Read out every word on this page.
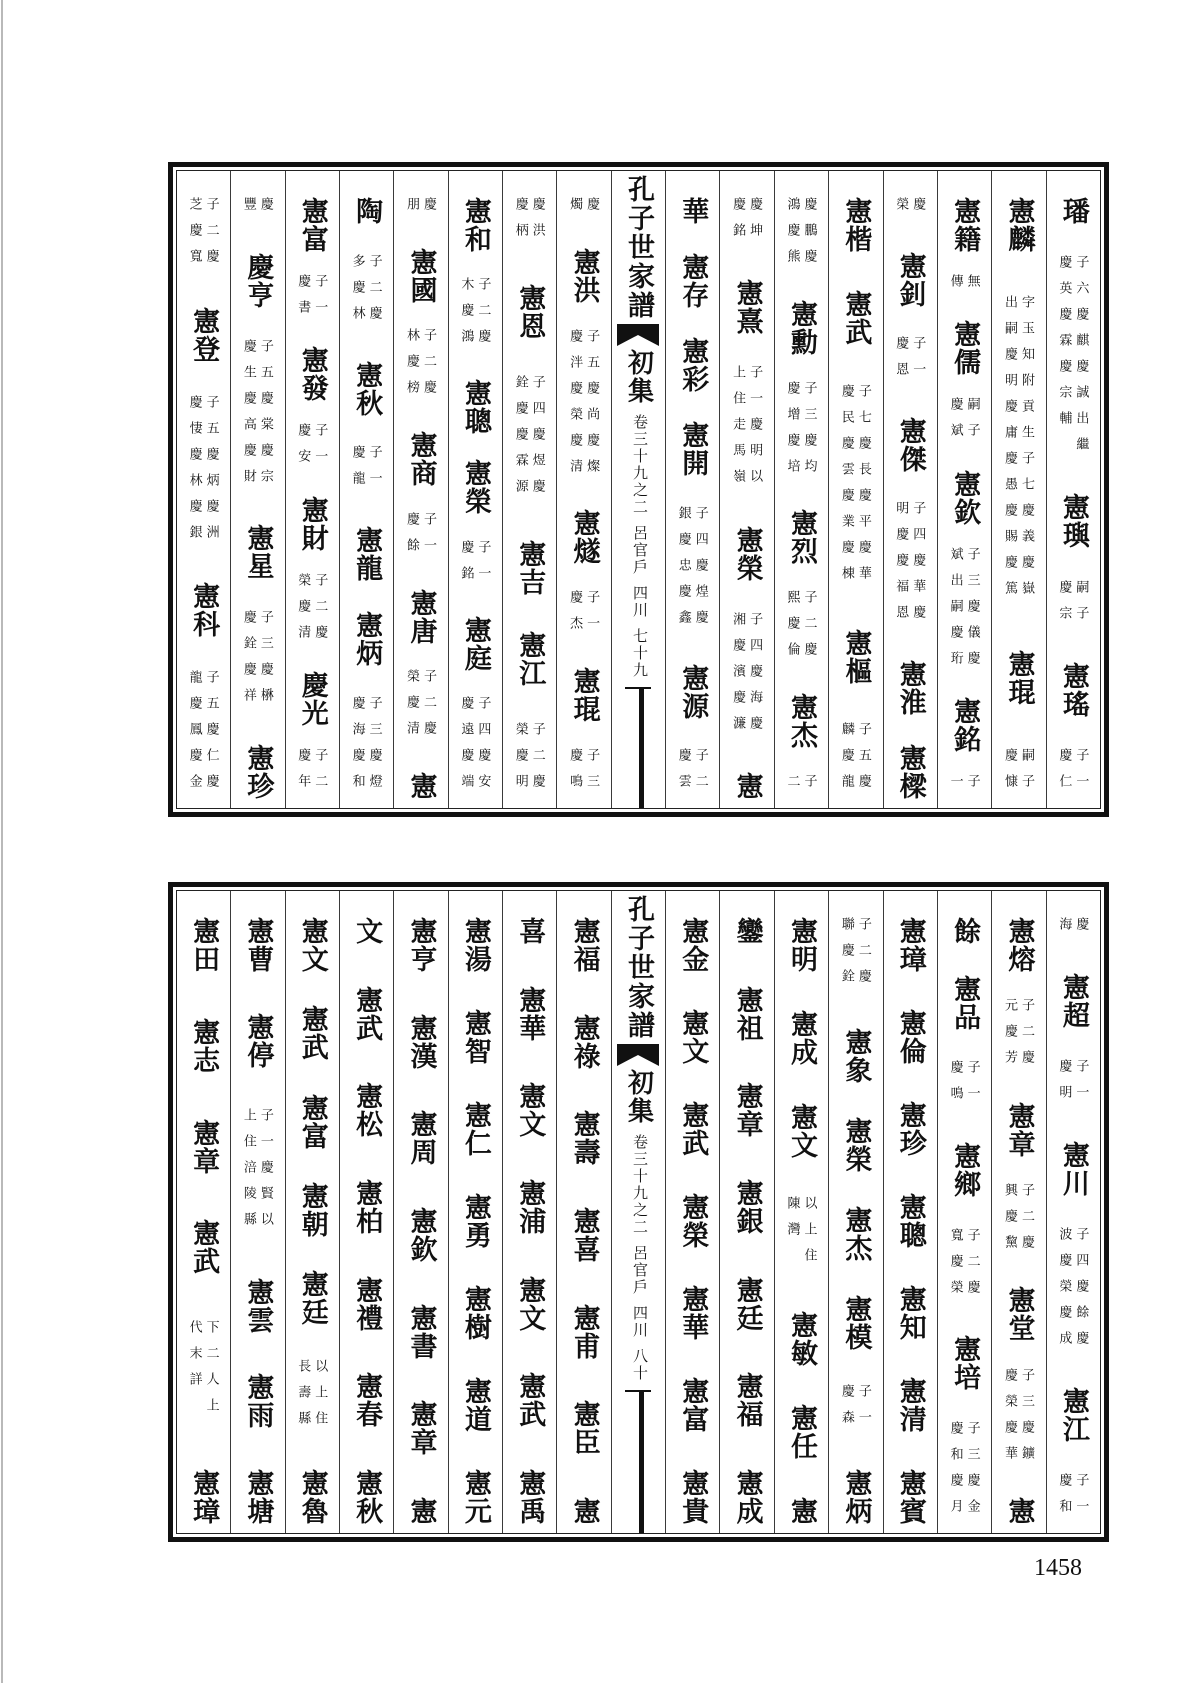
璠
子六慶麒慶誠出繼
慶英慶霖慶宗輔
憲璵
嗣子
慶宗
憲瑤
子一
慶仁
憲麟
字玉知附貢生子七慶義慶嶽
出嗣慶明慶庸慶愚慶賜慶篤
憲琨
嗣子
慶慷
憲籍
無
傳
憲儒
嗣子
慶斌
憲欽
子三慶儀慶
斌出嗣慶珩
憲銘
子
一
慶
榮
憲釗
子一
慶恩
憲傑
子四慶華慶
明慶慶福恩
憲淮
憲樑
憲楷
憲武
子七慶長慶平慶華
慶民慶雲慶業慶棟
憲樞
子五慶
麟慶龍
慶鵬慶
鴻慶熊
憲勳
子三慶均
慶增慶培
憲烈
子二慶
熙慶倫
憲杰
子
二
慶坤
慶銘
憲熹
子一慶明以
上住走馬嶺
憲榮
子四慶海慶
湘慶濱慶濂
憲
華
憲存
憲彩
憲開
子四慶煌慶
銀慶忠慶鑫
憲源
子二
慶雲
孔子世家譜
初集
卷三十九之二
呂官戶
四川
七十九
慶
燭
憲洪
子五慶尚慶燦
慶泮慶榮慶清
憲燧
子一
慶杰
憲琨
子三
慶鳴
慶洪
慶柄
憲恩
子四慶煜慶
銓慶慶霖源
憲吉
憲江
子二慶
榮慶明
憲和
子二慶
木慶鴻
憲聰
憲榮
子一
慶銘
憲庭
子四慶安
慶遠慶端
慶
朋
憲國
子二慶
林慶榜
憲商
子一
慶餘
憲唐
子二慶
榮慶清
憲
陶
子二慶
多慶林
憲秋
子一
慶龍
憲龍
憲炳
子三慶燈
慶海慶和
憲富
子一
慶書
憲發
子一
慶安
憲財
子二慶
榮慶清
慶光
子二
慶年
慶
豐
慶亨
子五慶棠慶宗
慶生慶高慶財
憲星
子三慶楙
慶銓慶祥
憲珍
子二慶
芝慶寬
憲登
子五慶炳慶洲
慶悽慶林慶銀
憲科
子五慶仁慶
龍慶鳳慶金
慶
海
憲超
子一
慶明
憲川
子四慶餘慶
波慶榮慶成
憲江
子一
慶和
憲熔
子二慶
元慶芳
憲章
子二慶
興慶黧
憲堂
子三慶鑛
慶榮慶華
憲
餘
憲品
子一
慶鳴
憲鄉
子二慶
寬慶榮
憲培
子三慶金
慶和慶月
憲璋
憲倫
憲珍
憲聰
憲知
憲清
憲賓
子二慶
聯慶銓
憲象
憲榮
憲杰
憲模
子一
慶森
憲炳
憲明
憲成
憲文
以上住
陳灣
憲敏
憲任
憲
鑾
憲祖
憲章
憲銀
憲廷
憲福
憲成
憲金
憲文
憲武
憲榮
憲華
憲富
憲貴
孔子世家譜
初集
卷三十九之二
呂官戶
四川
八十
憲福
憲祿
憲壽
憲喜
憲甫
憲臣
憲
喜
憲華
憲文
憲浦
憲文
憲武
憲禹
憲湯
憲智
憲仁
憲勇
憲樹
憲道
憲元
憲亨
憲漢
憲周
憲欽
憲書
憲章
憲
文
憲武
憲松
憲柏
憲禮
憲春
憲秋
憲文
憲武
憲富
憲朝
憲廷
以上住
長壽縣
憲魯
憲曹
憲停
子一慶賢以
上住涪陵縣
憲雲
憲雨
憲塘
憲田
憲志
憲章
憲武
下二人上
代末詳
憲璋
1458
